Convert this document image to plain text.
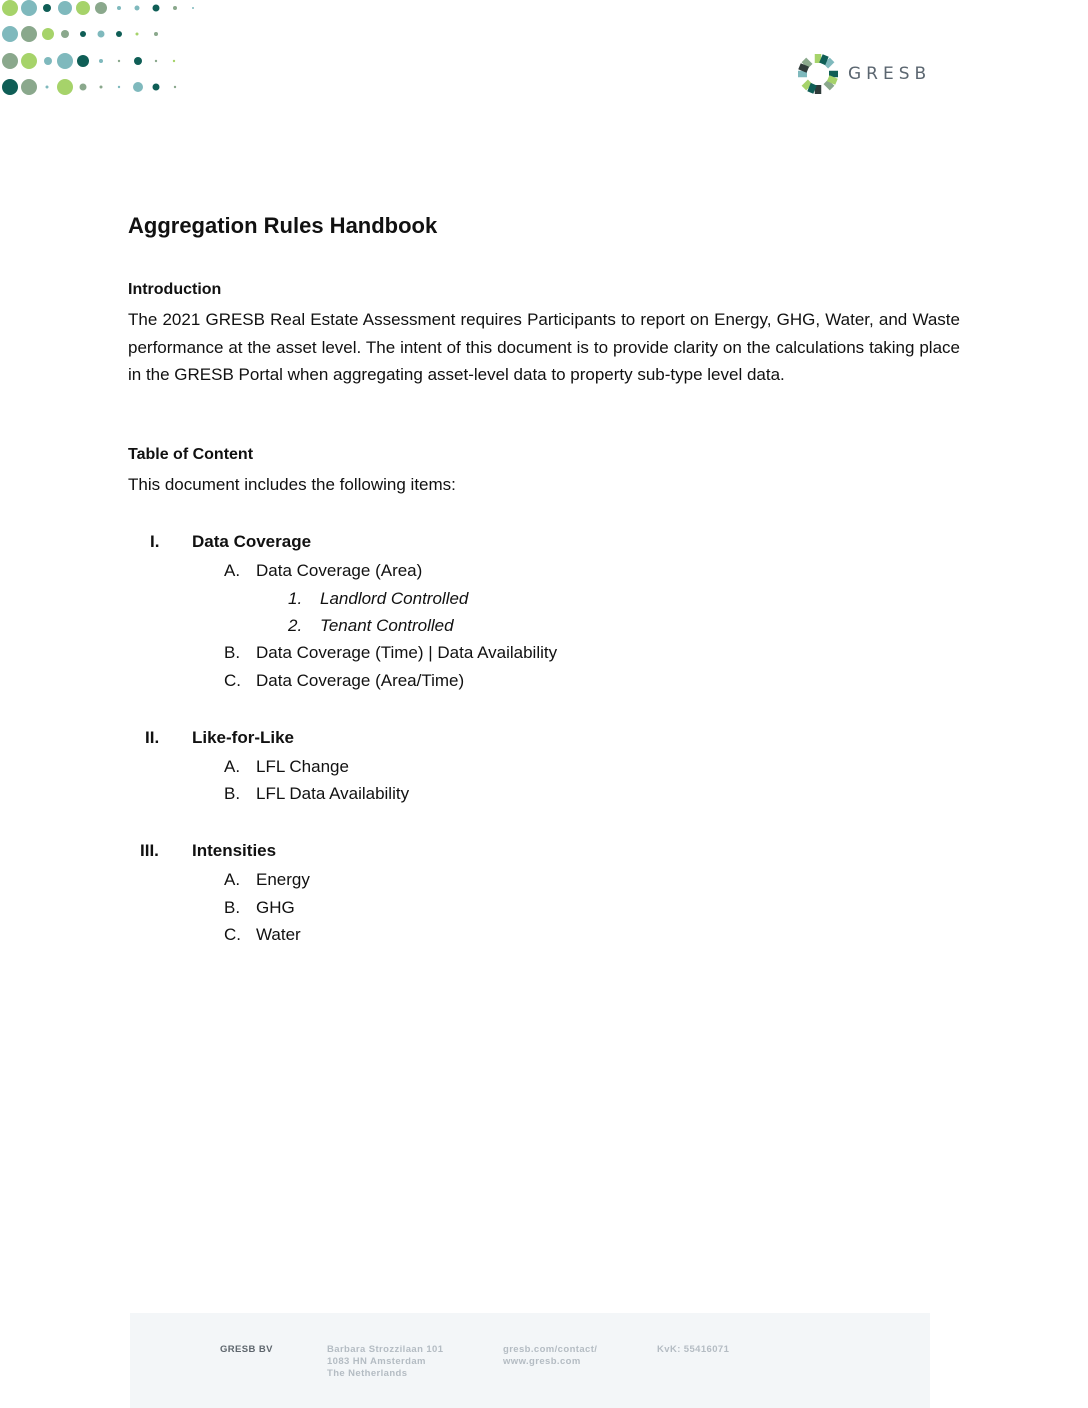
GRESB
Aggregation Rules Handbook
Introduction

The 2021 GRESB Real Estate Assessment requires Participants to report on Energy, GHG, Water, and Waste performance at the asset level. The intent of this document is to provide clarity on the calculations taking place in the GRESB Portal when aggregating asset-level data to property sub-type level data.

Table of Content

This document includes the following items:

I. Data Coverage
A. Data Coverage (Area)
1. Landlord Controlled
2. Tenant Controlled
B. Data Coverage (Time) | Data Availability
C. Data Coverage (Area/Time)
II. Like-for-Like
A. LFL Change
B. LFL Data Availability
III. Intensities
A. Energy
B. GHG
C. Water
GRESB BV	Barbara Strozzilaan 101
1083 HN Amsterdam
The Netherlands
gresb.com/contact/
www.gresb.com
KvK: 55416071
